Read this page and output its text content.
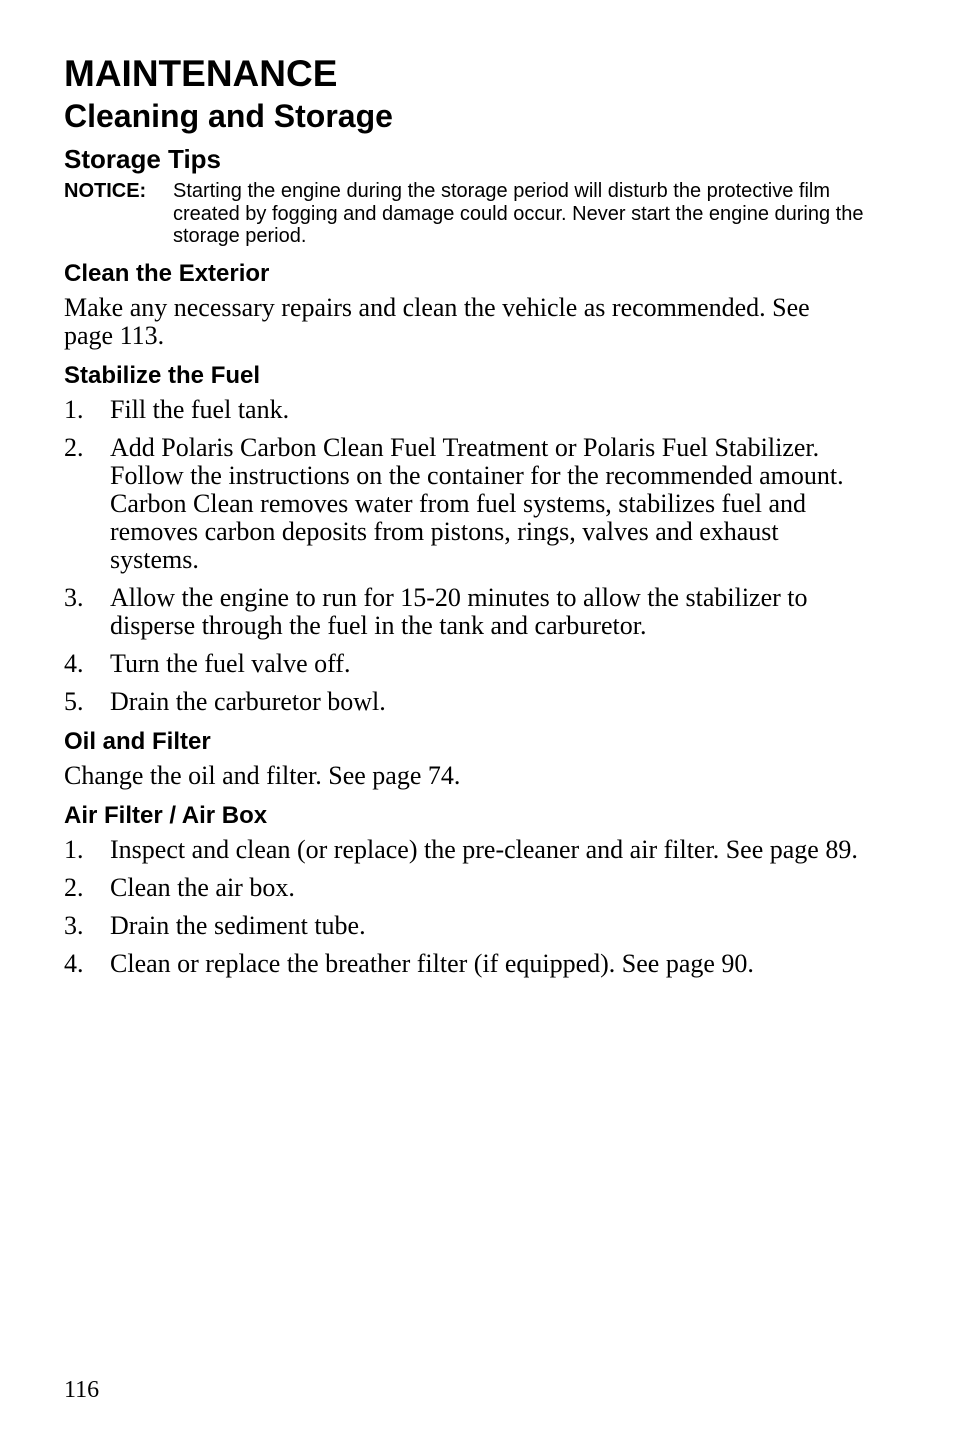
MAINTENANCE
Cleaning and Storage
Storage Tips
NOTICE:	Starting the engine during the storage period will disturb the protective film created by fogging and damage could occur. Never start the engine during the storage period.
Clean the Exterior

Make any necessary repairs and clean the vehicle as recommended. See page 113.

Stabilize the Fuel
1.	Fill the fuel tank.
2.	Add Polaris Carbon Clean Fuel Treatment or Polaris Fuel Stabilizer. Follow the instructions on the container for the recommended amount. Carbon Clean removes water from fuel systems, stabilizes fuel and removes carbon deposits from pistons, rings, valves and exhaust systems.
3.	Allow the engine to run for 15-20 minutes to allow the stabilizer to disperse through the fuel in the tank and carburetor.
4.	Turn the fuel valve off.
5.	Drain the carburetor bowl.
Oil and Filter

Change the oil and filter. See page 74.

Air Filter / Air Box
1.	Inspect and clean (or replace) the pre-cleaner and air filter. See page 89.
2.	Clean the air box.
3.	Drain the sediment tube.
4.	Clean or replace the breather filter (if equipped). See page 90.
116
